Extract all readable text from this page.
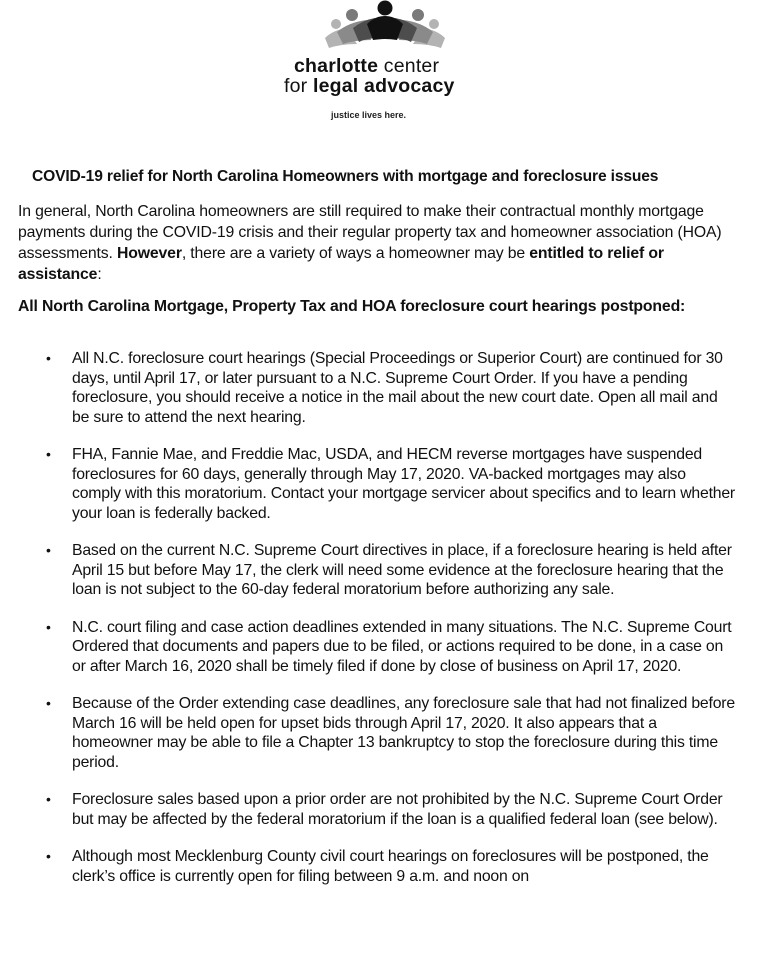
charlotte center
for legal advocacy
justice lives here.
COVID-19 relief for North Carolina Homeowners with mortgage and foreclosure issues

In general, North Carolina homeowners are still required to make their contractual monthly mortgage payments during the COVID-19 crisis and their regular property tax and homeowner association (HOA) assessments. However, there are a variety of ways a homeowner may be entitled to relief or assistance:

All North Carolina Mortgage, Property Tax and HOA foreclosure court hearings postponed:
• All N.C. foreclosure court hearings (Special Proceedings or Superior Court) are continued for 30 days, until April 17, or later pursuant to a N.C. Supreme Court Order. If you have a pending foreclosure, you should receive a notice in the mail about the new court date. Open all mail and be sure to attend the next hearing.
• FHA, Fannie Mae, and Freddie Mac, USDA, and HECM reverse mortgages have suspended foreclosures for 60 days, generally through May 17, 2020. VA-backed mortgages may also comply with this moratorium. Contact your mortgage servicer about specifics and to learn whether your loan is federally backed.
• Based on the current N.C. Supreme Court directives in place, if a foreclosure hearing is held after April 15 but before May 17, the clerk will need some evidence at the foreclosure hearing that the loan is not subject to the 60-day federal moratorium before authorizing any sale.
• N.C. court filing and case action deadlines extended in many situations. The N.C. Supreme Court Ordered that documents and papers due to be filed, or actions required to be done, in a case on or after March 16, 2020 shall be timely filed if done by close of business on April 17, 2020.
• Because of the Order extending case deadlines, any foreclosure sale that had not finalized before March 16 will be held open for upset bids through April 17, 2020. It also appears that a homeowner may be able to file a Chapter 13 bankruptcy to stop the foreclosure during this time period.
• Foreclosure sales based upon a prior order are not prohibited by the N.C. Supreme Court Order but may be affected by the federal moratorium if the loan is a qualified federal loan (see below).
• Although most Mecklenburg County civil court hearings on foreclosures will be postponed, the clerk’s office is currently open for filing between 9 a.m. and noon on
